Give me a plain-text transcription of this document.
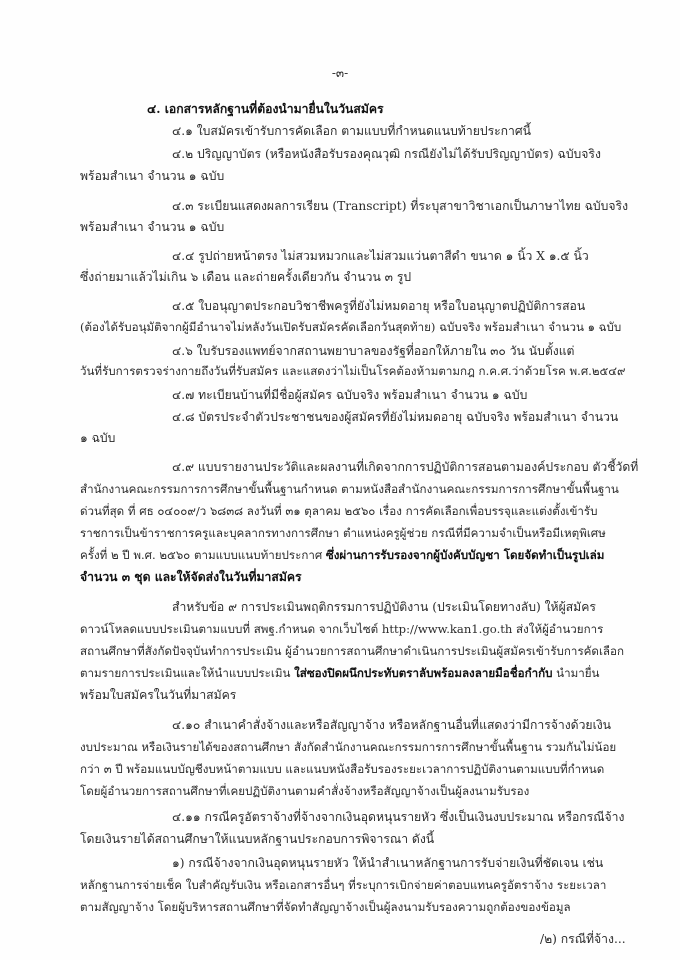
-๓-
๔. เอกสารหลักฐานที่ต้องนำมายื่นในวันสมัคร
๔.๑ ใบสมัครเข้ารับการคัดเลือก ตามแบบที่กำหนดแนบท้ายประกาศนี้
๔.๒ ปริญญาบัตร (หรือหนังสือรับรองคุณวุฒิ กรณียังไม่ได้รับปริญญาบัตร) ฉบับจริง
พร้อมสำเนา จำนวน ๑ ฉบับ
๔.๓ ระเบียนแสดงผลการเรียน (Transcript) ที่ระบุสาขาวิชาเอกเป็นภาษาไทย ฉบับจริง
พร้อมสำเนา จำนวน ๑ ฉบับ
๔.๔ รูปถ่ายหน้าตรง ไม่สวมหมวกและไม่สวมแว่นตาสีดำ ขนาด ๑ นิ้ว X ๑.๕ นิ้ว
ซึ่งถ่ายมาแล้วไม่เกิน ๖ เดือน และถ่ายครั้งเดียวกัน จำนวน ๓ รูป
๔.๕ ใบอนุญาตประกอบวิชาชีพครูที่ยังไม่หมดอายุ หรือใบอนุญาตปฏิบัติการสอน
(ต้องได้รับอนุมัติจากผู้มีอำนาจไม่หลังวันเปิดรับสมัครคัดเลือกวันสุดท้าย) ฉบับจริง พร้อมสำเนา จำนวน ๑ ฉบับ
๔.๖ ใบรับรองแพทย์จากสถานพยาบาลของรัฐที่ออกให้ภายใน ๓๐ วัน นับตั้งแต่
วันที่รับการตรวจร่างกายถึงวันที่รับสมัคร และแสดงว่าไม่เป็นโรคต้องห้ามตามกฎ ก.ค.ศ.ว่าด้วยโรค พ.ศ.๒๕๔๙
๔.๗ ทะเบียนบ้านที่มีชื่อผู้สมัคร ฉบับจริง พร้อมสำเนา จำนวน ๑ ฉบับ
๔.๘ บัตรประจำตัวประชาชนของผู้สมัครที่ยังไม่หมดอายุ ฉบับจริง พร้อมสำเนา จำนวน
๑ ฉบับ
๔.๙ แบบรายงานประวัติและผลงานที่เกิดจากการปฏิบัติการสอนตามองค์ประกอบ ตัวชี้วัดที่
สำนักงานคณะกรรมการการศึกษาขั้นพื้นฐานกำหนด ตามหนังสือสำนักงานคณะกรรมการการศึกษาขั้นพื้นฐาน
ด่วนที่สุด ที่ ศธ ๐๔๐๐๙/ว ๖๘๓๘ ลงวันที่ ๓๑ ตุลาคม ๒๕๖๐ เรื่อง การคัดเลือกเพื่อบรรจุและแต่งตั้งเข้ารับ
ราชการเป็นข้าราชการครูและบุคลากรทางการศึกษา ตำแหน่งครูผู้ช่วย กรณีที่มีความจำเป็นหรือมีเหตุพิเศษ
ครั้งที่ ๒ ปี พ.ศ. ๒๕๖๐ ตามแบบแนบท้ายประกาศ ซึ่งผ่านการรับรองจากผู้บังคับบัญชา โดยจัดทำเป็นรูปเล่ม
จำนวน ๓ ชุด และให้จัดส่งในวันที่มาสมัคร
สำหรับข้อ ๙ การประเมินพฤติกรรมการปฏิบัติงาน (ประเมินโดยทางลับ) ให้ผู้สมัคร
ดาวน์โหลดแบบประเมินตามแบบที่ สพฐ.กำหนด จากเว็บไซต์ http://www.kan1.go.th ส่งให้ผู้อำนวยการ
สถานศึกษาที่สังกัดปัจจุบันทำการประเมิน ผู้อำนวยการสถานศึกษาดำเนินการประเมินผู้สมัครเข้ารับการคัดเลือก
ตามรายการประเมินและให้นำแบบประเมิน ใส่ซองปิดผนึกประทับตราลับพร้อมลงลายมือชื่อกำกับ นำมายื่น
พร้อมใบสมัครในวันที่มาสมัคร
๔.๑๐ สำเนาคำสั่งจ้างและหรือสัญญาจ้าง หรือหลักฐานอื่นที่แสดงว่ามีการจ้างด้วยเงิน
งบประมาณ หรือเงินรายได้ของสถานศึกษา สังกัดสำนักงานคณะกรรมการการศึกษาขั้นพื้นฐาน รวมกันไม่น้อย
กว่า ๓ ปี พร้อมแนบบัญชีงบหน้าตามแบบ และแนบหนังสือรับรองระยะเวลาการปฏิบัติงานตามแบบที่กำหนด
โดยผู้อำนวยการสถานศึกษาที่เคยปฏิบัติงานตามคำสั่งจ้างหรือสัญญาจ้างเป็นผู้ลงนามรับรอง
๔.๑๑ กรณีครูอัตราจ้างที่จ้างจากเงินอุดหนุนรายหัว ซึ่งเป็นเงินงบประมาณ หรือกรณีจ้าง
โดยเงินรายได้สถานศึกษาให้แนบหลักฐานประกอบการพิจารณา ดังนี้
๑) กรณีจ้างจากเงินอุดหนุนรายหัว ให้นำสำเนาหลักฐานการรับจ่ายเงินที่ชัดเจน เช่น
หลักฐานการจ่ายเช็ค ใบสำคัญรับเงิน หรือเอกสารอื่นๆ ที่ระบุการเบิกจ่ายค่าตอบแทนครูอัตราจ้าง ระยะเวลา
ตามสัญญาจ้าง โดยผู้บริหารสถานศึกษาที่จัดทำสัญญาจ้างเป็นผู้ลงนามรับรองความถูกต้องของข้อมูล
/๒) กรณีที่จ้าง...
